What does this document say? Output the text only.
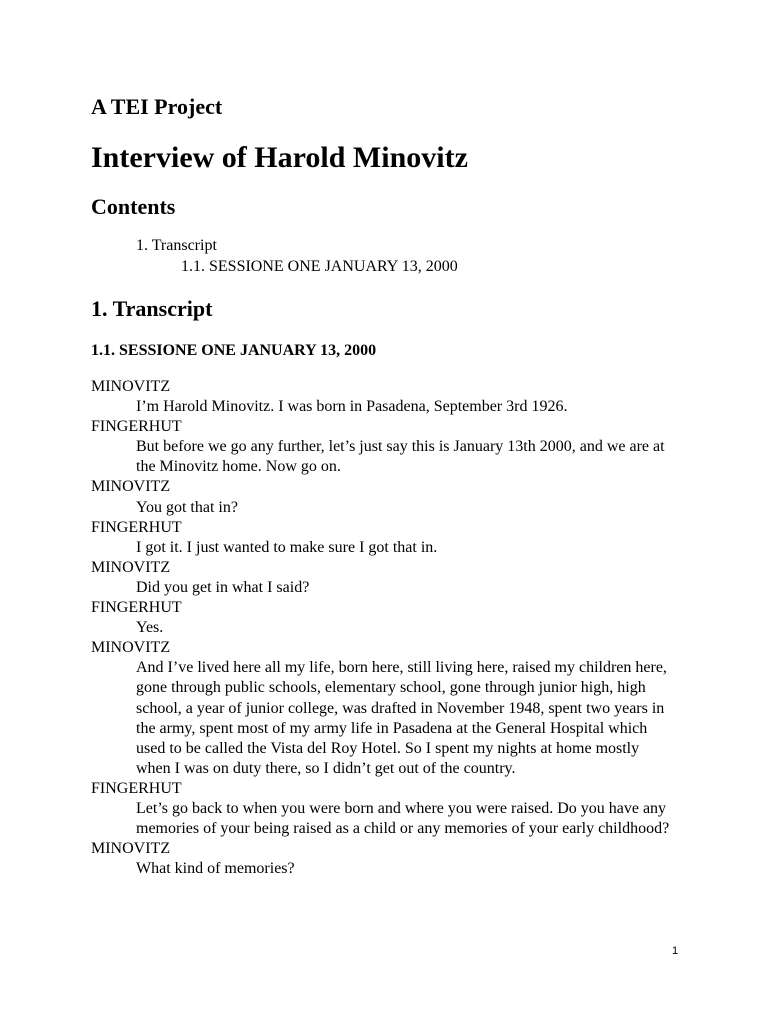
A TEI Project
Interview of Harold Minovitz
Contents
1. Transcript
1.1. SESSIONE ONE JANUARY 13, 2000
1. Transcript
1.1. SESSIONE ONE JANUARY 13, 2000
MINOVITZ
I’m Harold Minovitz. I was born in Pasadena, September 3rd 1926.
FINGERHUT
But before we go any further, let’s just say this is January 13th 2000, and we are at the Minovitz home. Now go on.
MINOVITZ
You got that in?
FINGERHUT
I got it. I just wanted to make sure I got that in.
MINOVITZ
Did you get in what I said?
FINGERHUT
Yes.
MINOVITZ
And I’ve lived here all my life, born here, still living here, raised my children here, gone through public schools, elementary school, gone through junior high, high school, a year of junior college, was drafted in November 1948, spent two years in the army, spent most of my army life in Pasadena at the General Hospital which used to be called the Vista del Roy Hotel. So I spent my nights at home mostly when I was on duty there, so I didn’t get out of the country.
FINGERHUT
Let’s go back to when you were born and where you were raised. Do you have any memories of your being raised as a child or any memories of your early childhood?
MINOVITZ
What kind of memories?
1
